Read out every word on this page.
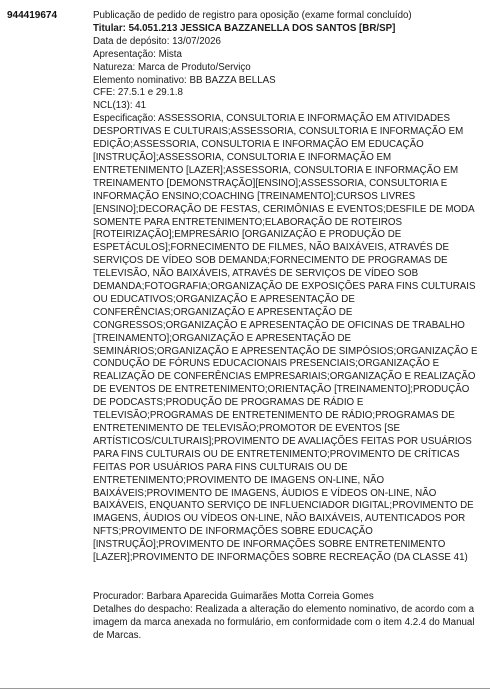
944419674	Publicação de pedido de registro para oposição (exame formal concluído)
Titular: 54.051.213 JESSICA BAZZANELLA DOS SANTOS [BR/SP]
Data de depósito: 13/07/2026
Apresentação: Mista
Natureza: Marca de Produto/Serviço
Elemento nominativo: BB BAZZA BELLAS
CFE: 27.5.1 e 29.1.8
NCL(13): 41
Especificação: ASSESSORIA, CONSULTORIA E INFORMAÇÃO EM ATIVIDADES DESPORTIVAS E CULTURAIS;ASSESSORIA, CONSULTORIA E INFORMAÇÃO EM EDIÇÃO;ASSESSORIA, CONSULTORIA E INFORMAÇÃO EM EDUCAÇÃO [INSTRUÇÃO];ASSESSORIA, CONSULTORIA E INFORMAÇÃO EM ENTRETENIMENTO [LAZER];ASSESSORIA, CONSULTORIA E INFORMAÇÃO EM TREINAMENTO [DEMONSTRAÇÃO][ENSINO];ASSESSORIA, CONSULTORIA E INFORMAÇÃO ENSINO;COACHING [TREINAMENTO];CURSOS LIVRES [ENSINO];DECORAÇÃO DE FESTAS, CERIMÔNIAS E EVENTOS;DESFILE DE MODA SOMENTE PARA ENTRETENIMENTO;ELABORAÇÃO DE ROTEIROS [ROTEIRIZAÇÃO];EMPRESÁRIO [ORGANIZAÇÃO E PRODUÇÃO DE ESPETÁCULOS];FORNECIMENTO DE FILMES, NÃO BAIXÁVEIS, ATRAVÉS DE SERVIÇOS DE VÍDEO SOB DEMANDA;FORNECIMENTO DE PROGRAMAS DE TELEVISÃO, NÃO BAIXÁVEIS, ATRAVÉS DE SERVIÇOS DE VÍDEO SOB DEMANDA;FOTOGRAFIA;ORGANIZAÇÃO DE EXPOSIÇÕES PARA FINS CULTURAIS OU EDUCATIVOS;ORGANIZAÇÃO E APRESENTAÇÃO DE CONFERÊNCIAS;ORGANIZAÇÃO E APRESENTAÇÃO DE CONGRESSOS;ORGANIZAÇÃO E APRESENTAÇÃO DE OFICINAS DE TRABALHO [TREINAMENTO];ORGANIZAÇÃO E APRESENTAÇÃO DE SEMINÁRIOS;ORGANIZAÇÃO E APRESENTAÇÃO DE SIMPÓSIOS;ORGANIZAÇÃO E CONDUÇÃO DE FÓRUNS EDUCACIONAIS PRESENCIAIS;ORGANIZAÇÃO E REALIZAÇÃO DE CONFERÊNCIAS EMPRESARIAIS;ORGANIZAÇÃO E REALIZAÇÃO DE EVENTOS DE ENTRETENIMENTO;ORIENTAÇÃO [TREINAMENTO];PRODUÇÃO DE PODCASTS;PRODUÇÃO DE PROGRAMAS DE RÁDIO E TELEVISÃO;PROGRAMAS DE ENTRETENIMENTO DE RÁDIO;PROGRAMAS DE ENTRETENIMENTO DE TELEVISÃO;PROMOTOR DE EVENTOS [SE ARTÍSTICOS/CULTURAIS];PROVIMENTO DE AVALIAÇÕES FEITAS POR USUÁRIOS PARA FINS CULTURAIS OU DE ENTRETENIMENTO;PROVIMENTO DE CRÍTICAS FEITAS POR USUÁRIOS PARA FINS CULTURAIS OU DE ENTRETENIMENTO;PROVIMENTO DE IMAGENS ON-LINE, NÃO BAIXÁVEIS;PROVIMENTO DE IMAGENS, ÁUDIOS E VÍDEOS ON-LINE, NÃO BAIXÁVEIS, ENQUANTO SERVIÇO DE INFLUENCIADOR DIGITAL;PROVIMENTO DE IMAGENS, ÁUDIOS OU VÍDEOS ON-LINE, NÃO BAIXÁVEIS, AUTENTICADOS POR NFTS;PROVIMENTO DE INFORMAÇÕES SOBRE EDUCAÇÃO [INSTRUÇÃO];PROVIMENTO DE INFORMAÇÕES SOBRE ENTRETENIMENTO [LAZER];PROVIMENTO DE INFORMAÇÕES SOBRE RECREAÇÃO (DA CLASSE 41)
Procurador: Barbara Aparecida Guimarães Motta Correia Gomes
Detalhes do despacho: Realizada a alteração do elemento nominativo, de acordo com a imagem da marca anexada no formulário, em conformidade com o item 4.2.4 do Manual de Marcas.
